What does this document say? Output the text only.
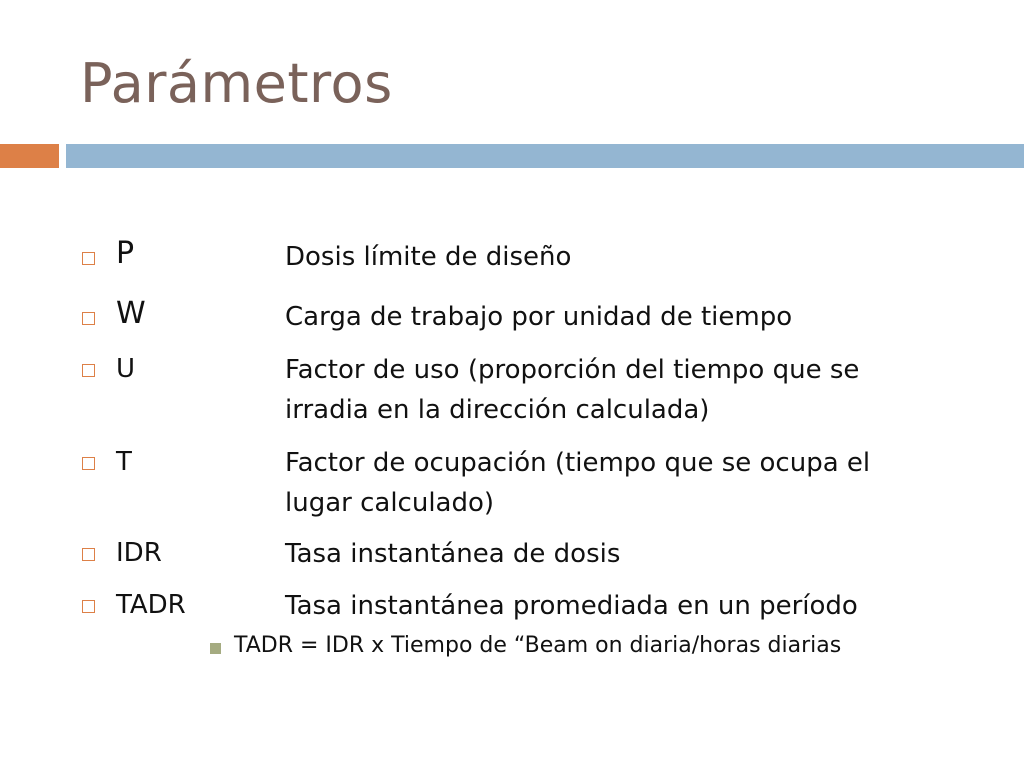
Parámetros
P	Dosis límite de diseño
W	Carga de trabajo por unidad de tiempo
U	Factor de uso (proporción del tiempo que se irradia en la dirección calculada)
T	Factor de ocupación (tiempo que se ocupa el lugar calculado)
IDR	Tasa instantánea de dosis
TADR	Tasa instantánea promediada en un período
TADR = IDR x Tiempo de “Beam on diaria/horas diarias
